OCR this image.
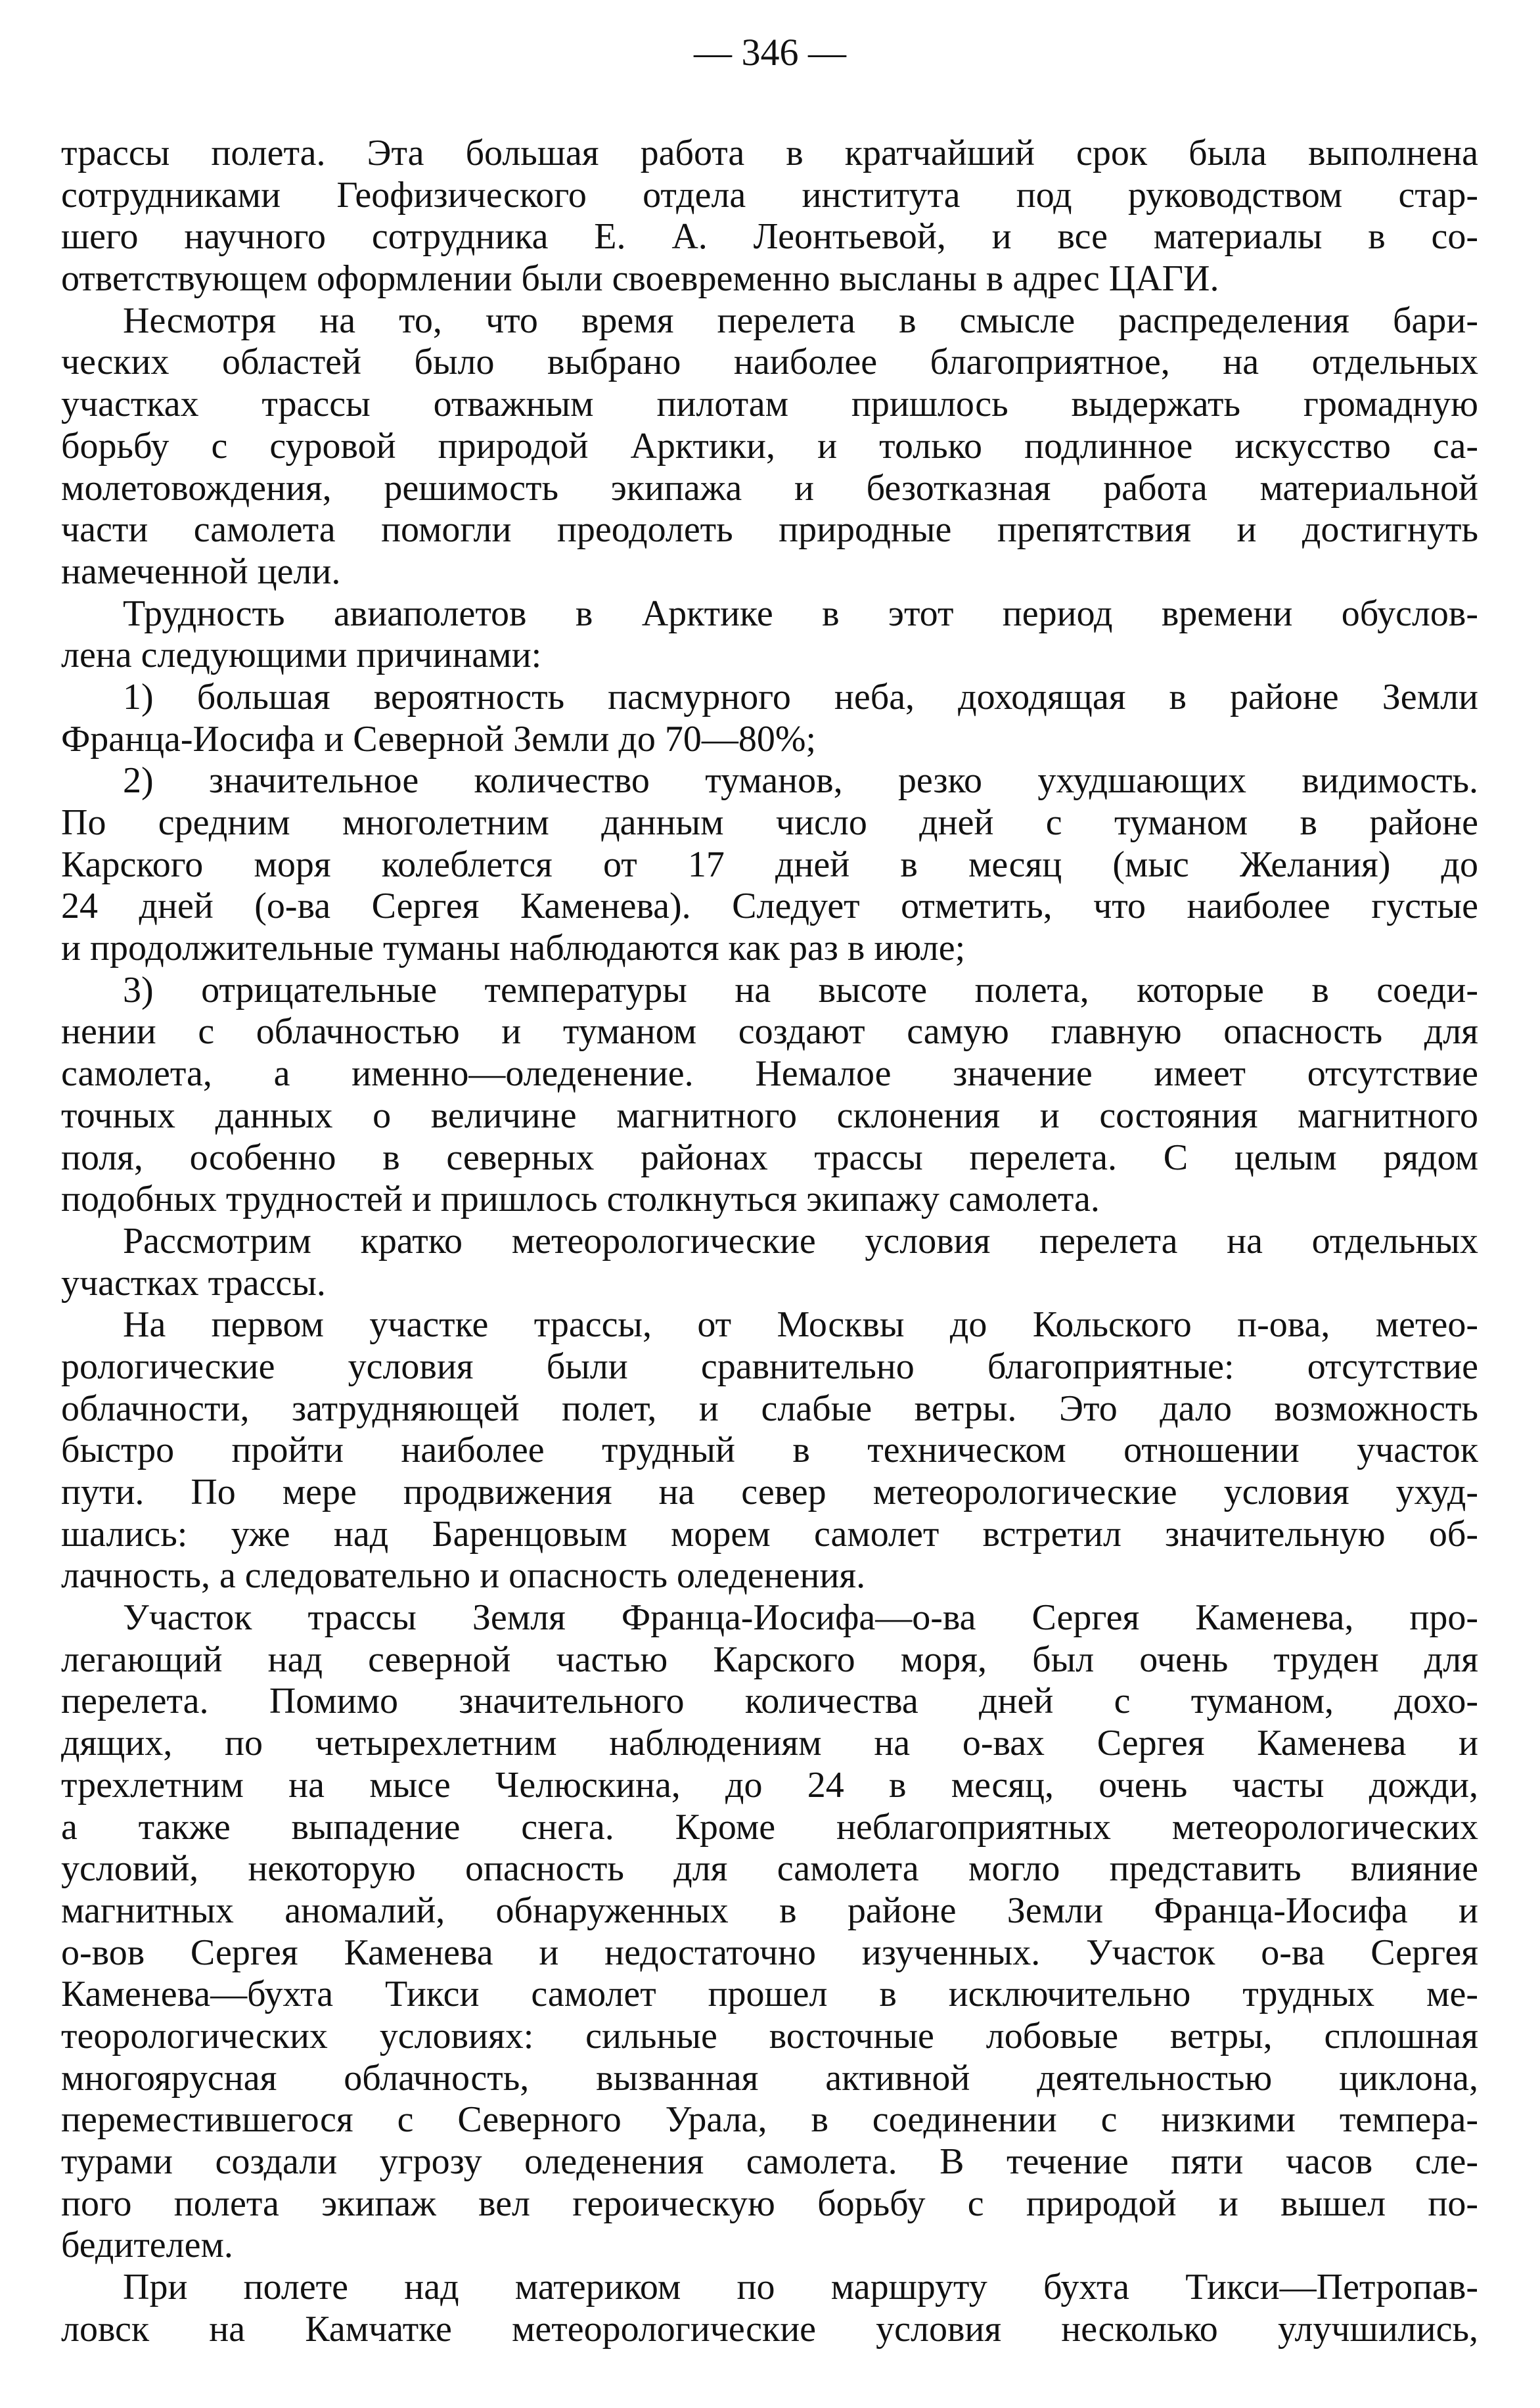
— 346 —
трассы полета. Эта большая работа в кратчайший срок была выполнена
сотрудниками Геофизического отдела института под руководством стар-
шего научного сотрудника Е. А. Леонтьевой, и все материалы в со-
ответствующем оформлении были своевременно высланы в адрес ЦАГИ.
Несмотря на то, что время перелета в смысле распределения бари-
ческих областей было выбрано наиболее благоприятное, на отдельных
участках трассы отважным пилотам пришлось выдержать громадную
борьбу с суровой природой Арктики, и только подлинное искусство са-
молетовождения, решимость экипажа и безотказная работа материальной
части самолета помогли преодолеть природные препятствия и достигнуть
намеченной цели.
Трудность авиаполетов в Арктике в этот период времени обуслов-
лена следующими причинами:
1) большая вероятность пасмурного неба, доходящая в районе Земли
Франца-Иосифа и Северной Земли до 70—80%;
2) значительное количество туманов, резко ухудшающих видимость.
По средним многолетним данным число дней с туманом в районе
Карского моря колеблется от 17 дней в месяц (мыс Желания) до
24 дней (о-ва Сергея Каменева). Следует отметить, что наиболее густые
и продолжительные туманы наблюдаются как раз в июле;
3) отрицательные температуры на высоте полета, которые в соеди-
нении с облачностью и туманом создают самую главную опасность для
самолета, а именно—оледенение. Немалое значение имеет отсутствие
точных данных о величине магнитного склонения и состояния магнитного
поля, особенно в северных районах трассы перелета. С целым рядом
подобных трудностей и пришлось столкнуться экипажу самолета.
Рассмотрим кратко метеорологические условия перелета на отдельных
участках трассы.
На первом участке трассы, от Москвы до Кольского п-ова, метео-
рологические условия были сравнительно благоприятные: отсутствие
облачности, затрудняющей полет, и слабые ветры. Это дало возможность
быстро пройти наиболее трудный в техническом отношении участок
пути. По мере продвижения на север метеорологические условия ухуд-
шались: уже над Баренцовым морем самолет встретил значительную об-
лачность, а следовательно и опасность оледенения.
Участок трассы Земля Франца-Иосифа—о-ва Сергея Каменева, про-
легающий над северной частью Карского моря, был очень труден для
перелета. Помимо значительного количества дней с туманом, дохо-
дящих, по четырехлетним наблюдениям на о-вах Сергея Каменева и
трехлетним на мысе Челюскина, до 24 в месяц, очень часты дожди,
а также выпадение снега. Кроме неблагоприятных метеорологических
условий, некоторую опасность для самолета могло представить влияние
магнитных аномалий, обнаруженных в районе Земли Франца-Иосифа и
о-вов Сергея Каменева и недостаточно изученных. Участок о-ва Сергея
Каменева—бухта Тикси самолет прошел в исключительно трудных ме-
теорологических условиях: сильные восточные лобовые ветры, сплошная
многоярусная облачность, вызванная активной деятельностью циклона,
переместившегося с Северного Урала, в соединении с низкими темпера-
турами создали угрозу оледенения самолета. В течение пяти часов сле-
пого полета экипаж вел героическую борьбу с природой и вышел по-
бедителем.
При полете над материком по маршруту бухта Тикси—Петропав-
ловск на Камчатке метеорологические условия несколько улучшились,
